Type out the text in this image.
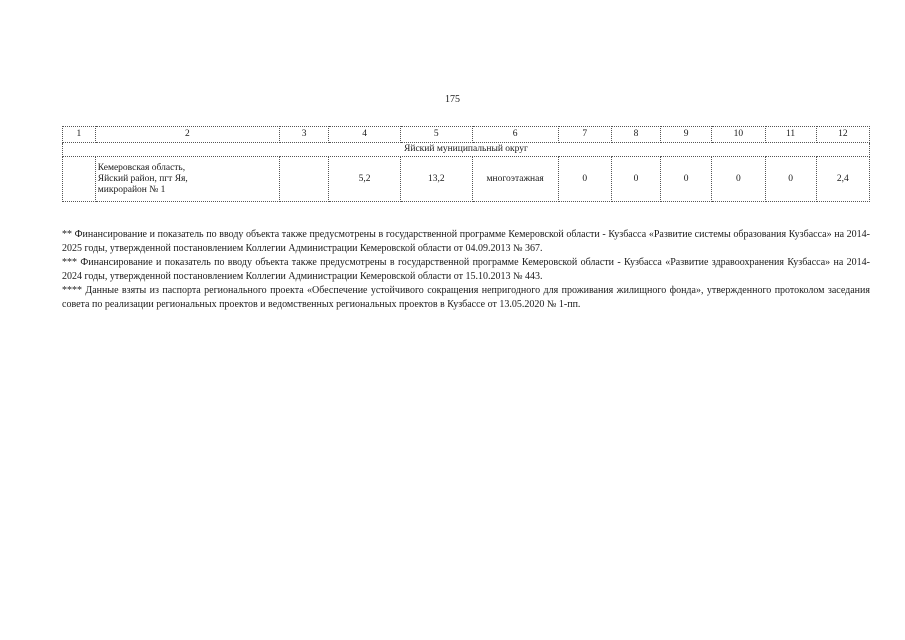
175
1	2	3	4	5	6	7	8	9	10	11	12
Яйский муниципальный округ											
	Кемеровская область,
Яйский район, пгт Яя,
микрорайон № 1		5,2	13,2	многоэтажная	0	0	0	0	0	2,4

** Финансирование и показатель по вводу объекта также предусмотрены в государственной программе Кемеровской области - Кузбасса «Развитие системы образования Кузбасса» на 2014-2025 годы, утвержденной постановлением Коллегии Администрации Кемеровской области от 04.09.2013 № 367.

*** Финансирование и показатель по вводу объекта также предусмотрены в государственной программе Кемеровской области - Кузбасса «Развитие здравоохранения Кузбасса» на 2014-2024 годы, утвержденной постановлением Коллегии Администрации Кемеровской области от 15.10.2013 № 443.

**** Данные взяты из паспорта регионального проекта «Обеспечение устойчивого сокращения непригодного для проживания жилищного фонда», утвержденного протоколом заседания совета по реализации региональных проектов и ведомственных региональных проектов в Кузбассе от 13.05.2020 № 1-пп.
